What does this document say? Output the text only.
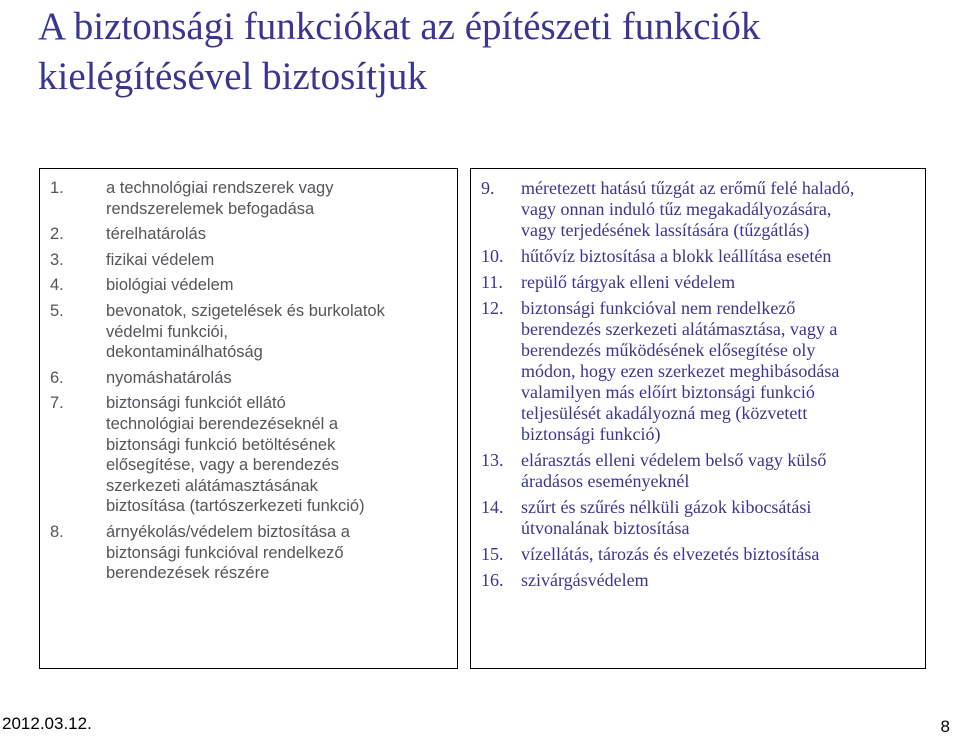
A biztonsági funkciókat az építészeti funkciók
kielégítésével biztosítjuk
1.	a technológiai rendszerek vagy
rendszerelemek befogadása
2.	térelhatárolás
3.	fizikai védelem
4.	biológiai védelem
5.	bevonatok, szigetelések és burkolatok
védelmi funkciói,
dekontaminálhatóság
6.	nyomáshatárolás
7.	biztonsági funkciót ellátó
technológiai berendezéseknél a
biztonsági funkció betöltésének
elősegítése, vagy a berendezés
szerkezeti alátámasztásának
biztosítása (tartószerkezeti funkció)
8.	árnyékolás/védelem biztosítása a
biztonsági funkcióval rendelkező
berendezések részére
9. méretezett hatású tűzgát az erőmű felé haladó,
vagy onnan induló tűz megakadályozására,
vagy terjedésének lassítására (tűzgátlás)
10. hűtővíz biztosítása a blokk leállítása esetén
11. repülő tárgyak elleni védelem
12. biztonsági funkcióval nem rendelkező
berendezés szerkezeti alátámasztása, vagy a
berendezés működésének elősegítése oly
módon, hogy ezen szerkezet meghibásodása
valamilyen más előírt biztonsági funkció
teljesülését akadályozná meg (közvetett
biztonsági funkció)
13. elárasztás elleni védelem belső vagy külső
áradásos eseményeknél
14. szűrt és szűrés nélküli gázok kibocsátási
útvonalának biztosítása
15. vízellátás, tározás és elvezetés biztosítása
16. szivárgásvédelem
2012.03.12.	8
